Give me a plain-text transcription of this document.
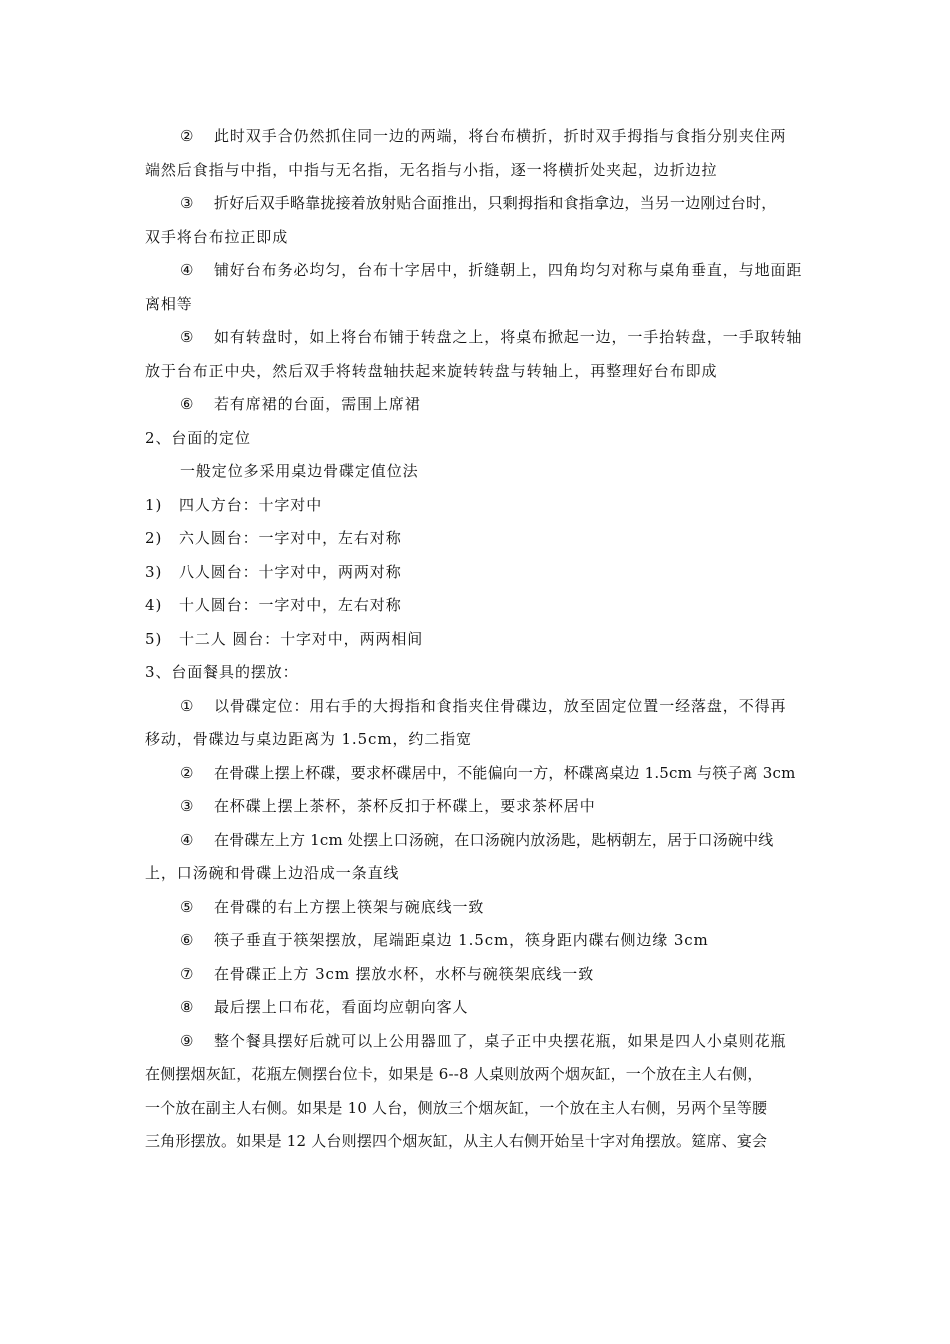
② 此时双手合仍然抓住同一边的两端，将台布横折，折时双手拇指与食指分别夹住两
端然后食指与中指，中指与无名指，无名指与小指，逐一将横折处夹起，边折边拉
③ 折好后双手略靠拢接着放射贴合面推出，只剩拇指和食指拿边，当另一边刚过台时，
双手将台布拉正即成
④ 铺好台布务必均匀，台布十字居中，折缝朝上，四角均匀对称与桌角垂直，与地面距
离相等
⑤ 如有转盘时，如上将台布铺于转盘之上，将桌布掀起一边，一手抬转盘，一手取转轴
放于台布正中央，然后双手将转盘轴扶起来旋转转盘与转轴上，再整理好台布即成
⑥ 若有席裙的台面，需围上席裙
2、台面的定位
一般定位多采用桌边骨碟定值位法
1) 四人方台：十字对中
2) 六人圆台：一字对中，左右对称
3) 八人圆台：十字对中，两两对称
4) 十人圆台：一字对中，左右对称
5) 十二人 圆台：十字对中，两两相间
3、台面餐具的摆放：
① 以骨碟定位：用右手的大拇指和食指夹住骨碟边，放至固定位置一经落盘，不得再
移动，骨碟边与桌边距离为 1.5cm，约二指宽
② 在骨碟上摆上杯碟，要求杯碟居中，不能偏向一方，杯碟离桌边 1.5cm 与筷子离 3cm
③ 在杯碟上摆上茶杯，茶杯反扣于杯碟上，要求茶杯居中
④ 在骨碟左上方 1cm 处摆上口汤碗，在口汤碗内放汤匙，匙柄朝左，居于口汤碗中线
上，口汤碗和骨碟上边沿成一条直线
⑤ 在骨碟的右上方摆上筷架与碗底线一致
⑥ 筷子垂直于筷架摆放，尾端距桌边 1.5cm，筷身距内碟右侧边缘 3cm
⑦ 在骨碟正上方 3cm 摆放水杯，水杯与碗筷架底线一致
⑧ 最后摆上口布花，看面均应朝向客人
⑨ 整个餐具摆好后就可以上公用器皿了，桌子正中央摆花瓶，如果是四人小桌则花瓶
在侧摆烟灰缸，花瓶左侧摆台位卡，如果是 6--8 人桌则放两个烟灰缸，一个放在主人右侧，
一个放在副主人右侧。如果是 10 人台，侧放三个烟灰缸，一个放在主人右侧，另两个呈等腰
三角形摆放。如果是 12 人台则摆四个烟灰缸，从主人右侧开始呈十字对角摆放。筵席、宴会
